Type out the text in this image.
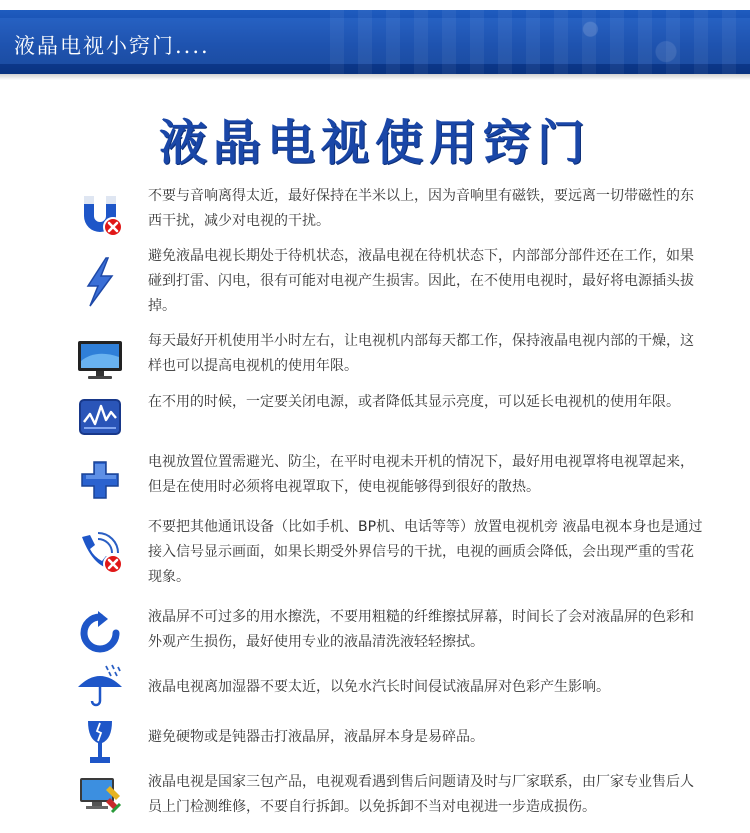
液晶电视小窍门....
液晶电视使用窍门
不要与音响离得太近，最好保持在半米以上，因为音响里有磁铁，要远离一切带磁性的东西干扰，减少对电视的干扰。
避免液晶电视长期处于待机状态，液晶电视在待机状态下，内部部分部件还在工作，如果碰到打雷、闪电，很有可能对电视产生损害。因此，在不使用电视时，最好将电源插头拔掉。
每天最好开机使用半小时左右，让电视机内部每天都工作，保持液晶电视内部的干燥，这样也可以提高电视机的使用年限。
在不用的时候，一定要关闭电源，或者降低其显示亮度，可以延长电视机的使用年限。
电视放置位置需避光、防尘，在平时电视未开机的情况下，最好用电视罩将电视罩起来，但是在使用时必须将电视罩取下，使电视能够得到很好的散热。
不要把其他通讯设备（比如手机、BP机、电话等等）放置电视机旁 液晶电视本身也是通过接入信号显示画面，如果长期受外界信号的干扰，电视的画质会降低，会出现严重的雪花现象。
液晶屏不可过多的用水擦洗，不要用粗糙的纤维擦拭屏幕，时间长了会对液晶屏的色彩和外观产生损伤，最好使用专业的液晶清洗液轻轻擦拭。
液晶电视离加湿器不要太近，以免水汽长时间侵试液晶屏对色彩产生影响。
避免硬物或是钝器击打液晶屏，液晶屏本身是易碎品。
液晶电视是国家三包产品，电视观看遇到售后问题请及时与厂家联系，由厂家专业售后人员上门检测维修，不要自行拆卸。以免拆卸不当对电视进一步造成损伤。
